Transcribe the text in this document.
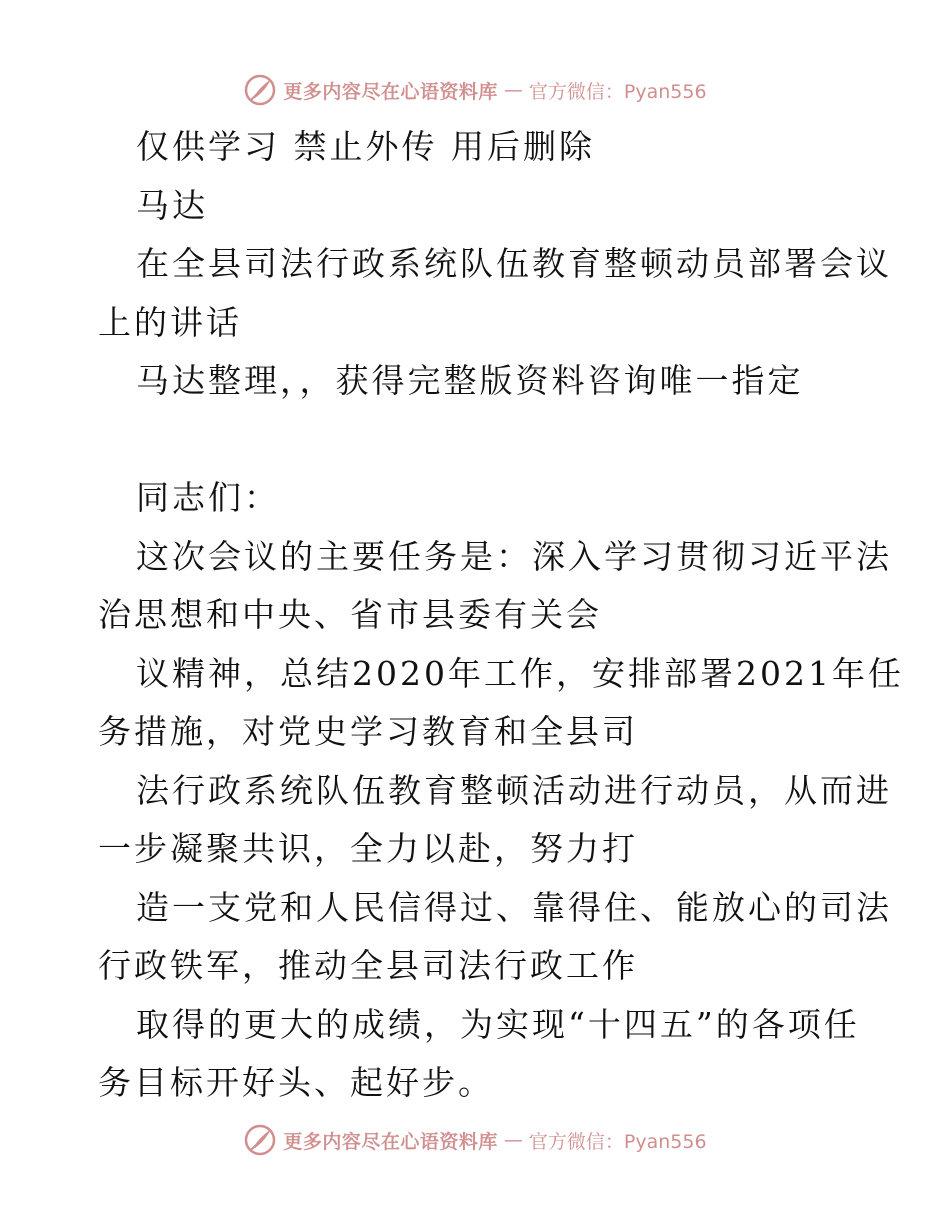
更多内容尽在心语资料库 — 官方微信：Pyan556
仅供学习 禁止外传 用后删除
马达
在全县司法行政系统队伍教育整顿动员部署会议
上的讲话
马达整理，，获得完整版资料咨询唯一指定
同志们：
这次会议的主要任务是：深入学习贯彻习近平法
治思想和中央、省市县委有关会
议精神，总结2020年工作，安排部署2021年任
务措施，对党史学习教育和全县司
法行政系统队伍教育整顿活动进行动员，从而进
一步凝聚共识，全力以赴，努力打
造一支党和人民信得过、靠得住、能放心的司法
行政铁军，推动全县司法行政工作
取得的更大的成绩，为实现“十四五”的各项任
务目标开好头、起好步。
更多内容尽在心语资料库 — 官方微信：Pyan556
